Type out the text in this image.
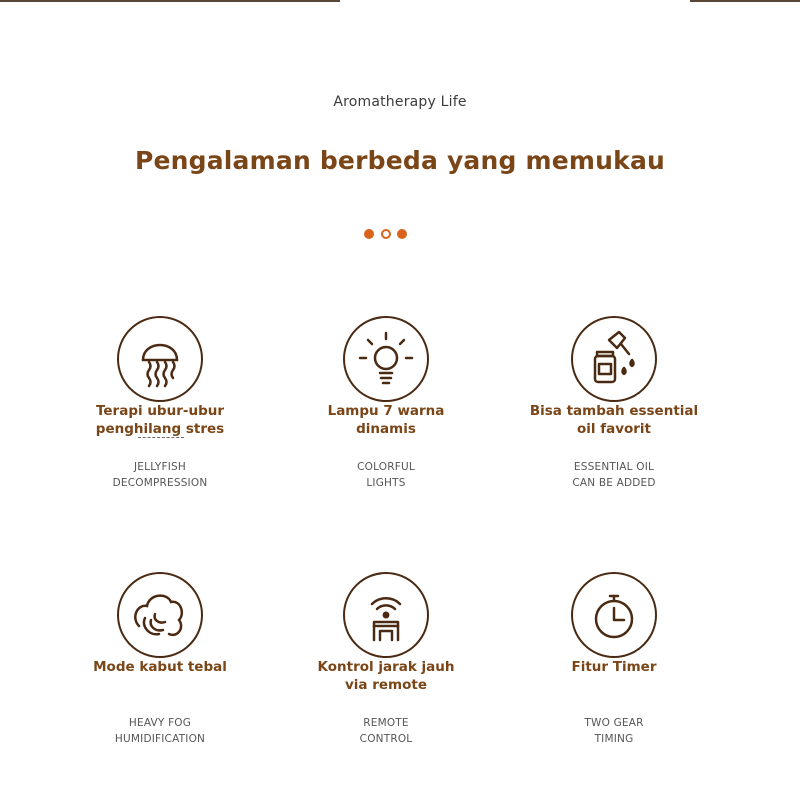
Aromatherapy Life
Pengalaman berbeda yang memukau
Terapi ubur-ubur
penghilang stres
JELLYFISH
DECOMPRESSION
Lampu 7 warna
dinamis
COLORFUL
LIGHTS
Bisa tambah essential
oil favorit
ESSENTIAL OIL
CAN BE ADDED
Mode kabut tebal
HEAVY FOG
HUMIDIFICATION
Kontrol jarak jauh
via remote
REMOTE
CONTROL
Fitur Timer
TWO GEAR
TIMING
